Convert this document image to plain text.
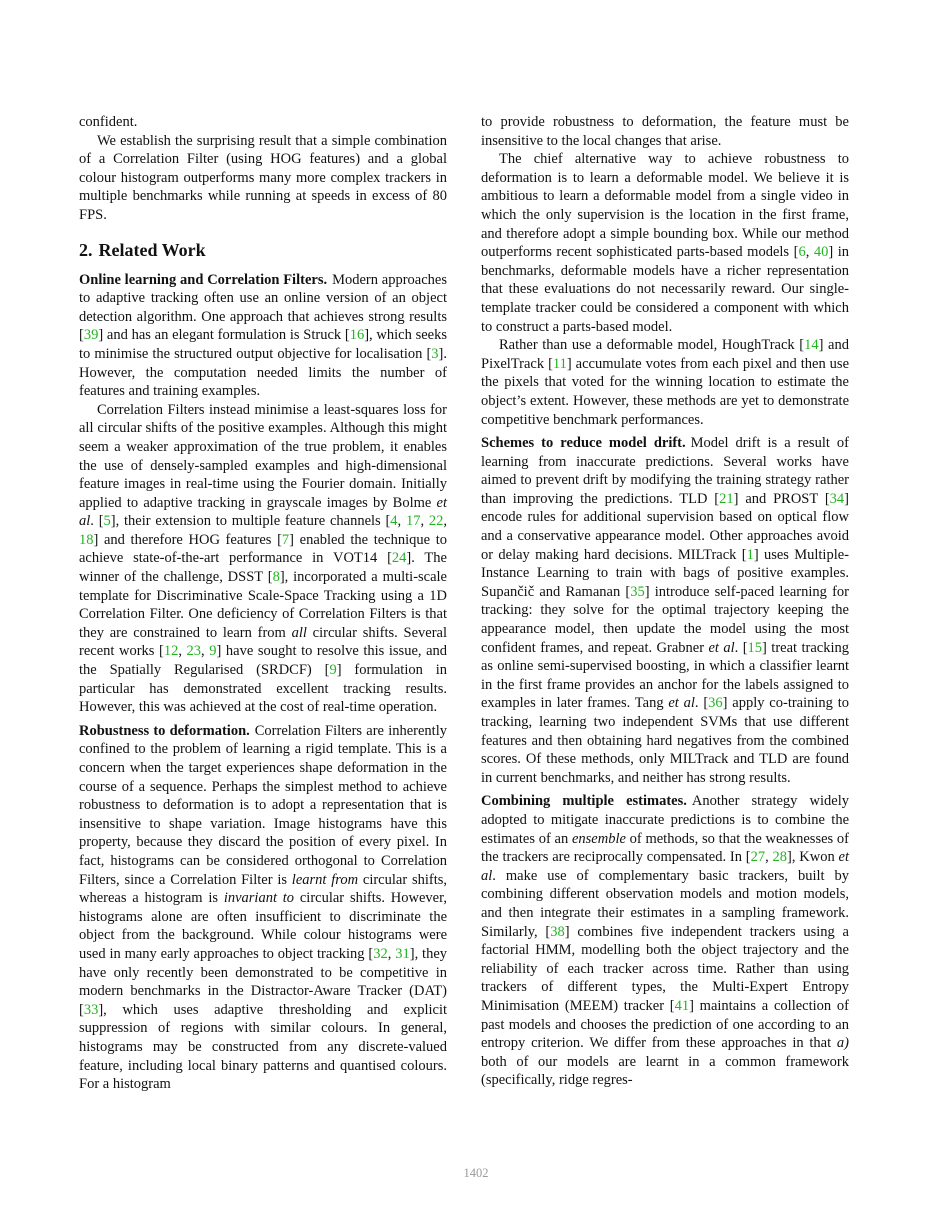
confident.

We establish the surprising result that a simple combination of a Correlation Filter (using HOG features) and a global colour histogram outperforms many more complex trackers in multiple benchmarks while running at speeds in excess of 80 FPS.

2. Related Work

Online learning and Correlation Filters. Modern approaches to adaptive tracking often use an online version of an object detection algorithm. One approach that achieves strong results [39] and has an elegant formulation is Struck [16], which seeks to minimise the structured output objective for localisation [3]. However, the computation needed limits the number of features and training examples.

Correlation Filters instead minimise a least-squares loss for all circular shifts of the positive examples. Although this might seem a weaker approximation of the true problem, it enables the use of densely-sampled examples and high-dimensional feature images in real-time using the Fourier domain. Initially applied to adaptive tracking in grayscale images by Bolme et al. [5], their extension to multiple feature channels [4, 17, 22, 18] and therefore HOG features [7] enabled the technique to achieve state-of-the-art performance in VOT14 [24]. The winner of the challenge, DSST [8], incorporated a multi-scale template for Discriminative Scale-Space Tracking using a 1D Correlation Filter. One deficiency of Correlation Filters is that they are constrained to learn from all circular shifts. Several recent works [12, 23, 9] have sought to resolve this issue, and the Spatially Regularised (SRDCF) [9] formulation in particular has demonstrated excellent tracking results. However, this was achieved at the cost of real-time operation.

Robustness to deformation. Correlation Filters are inherently confined to the problem of learning a rigid template. This is a concern when the target experiences shape deformation in the course of a sequence. Perhaps the simplest method to achieve robustness to deformation is to adopt a representation that is insensitive to shape variation. Image histograms have this property, because they discard the position of every pixel. In fact, histograms can be considered orthogonal to Correlation Filters, since a Correlation Filter is learnt from circular shifts, whereas a histogram is invariant to circular shifts. However, histograms alone are often insufficient to discriminate the object from the background. While colour histograms were used in many early approaches to object tracking [32, 31], they have only recently been demonstrated to be competitive in modern benchmarks in the Distractor-Aware Tracker (DAT) [33], which uses adaptive thresholding and explicit suppression of regions with similar colours. In general, histograms may be constructed from any discrete-valued feature, including local binary patterns and quantised colours. For a histogram

to provide robustness to deformation, the feature must be insensitive to the local changes that arise.

The chief alternative way to achieve robustness to deformation is to learn a deformable model. We believe it is ambitious to learn a deformable model from a single video in which the only supervision is the location in the first frame, and therefore adopt a simple bounding box. While our method outperforms recent sophisticated parts-based models [6, 40] in benchmarks, deformable models have a richer representation that these evaluations do not necessarily reward. Our single-template tracker could be considered a component with which to construct a parts-based model.

Rather than use a deformable model, HoughTrack [14] and PixelTrack [11] accumulate votes from each pixel and then use the pixels that voted for the winning location to estimate the object’s extent. However, these methods are yet to demonstrate competitive benchmark performances.

Schemes to reduce model drift. Model drift is a result of learning from inaccurate predictions. Several works have aimed to prevent drift by modifying the training strategy rather than improving the predictions. TLD [21] and PROST [34] encode rules for additional supervision based on optical flow and a conservative appearance model. Other approaches avoid or delay making hard decisions. MILTrack [1] uses Multiple-Instance Learning to train with bags of positive examples. Supančič and Ramanan [35] introduce self-paced learning for tracking: they solve for the optimal trajectory keeping the appearance model, then update the model using the most confident frames, and repeat. Grabner et al. [15] treat tracking as online semi-supervised boosting, in which a classifier learnt in the first frame provides an anchor for the labels assigned to examples in later frames. Tang et al. [36] apply co-training to tracking, learning two independent SVMs that use different features and then obtaining hard negatives from the combined scores. Of these methods, only MILTrack and TLD are found in current benchmarks, and neither has strong results.

Combining multiple estimates. Another strategy widely adopted to mitigate inaccurate predictions is to combine the estimates of an ensemble of methods, so that the weaknesses of the trackers are reciprocally compensated. In [27, 28], Kwon et al. make use of complementary basic trackers, built by combining different observation models and motion models, and then integrate their estimates in a sampling framework. Similarly, [38] combines five independent trackers using a factorial HMM, modelling both the object trajectory and the reliability of each tracker across time. Rather than using trackers of different types, the Multi-Expert Entropy Minimisation (MEEM) tracker [41] maintains a collection of past models and chooses the prediction of one according to an entropy criterion. We differ from these approaches in that a) both of our models are learnt in a common framework (specifically, ridge regres-

1402
